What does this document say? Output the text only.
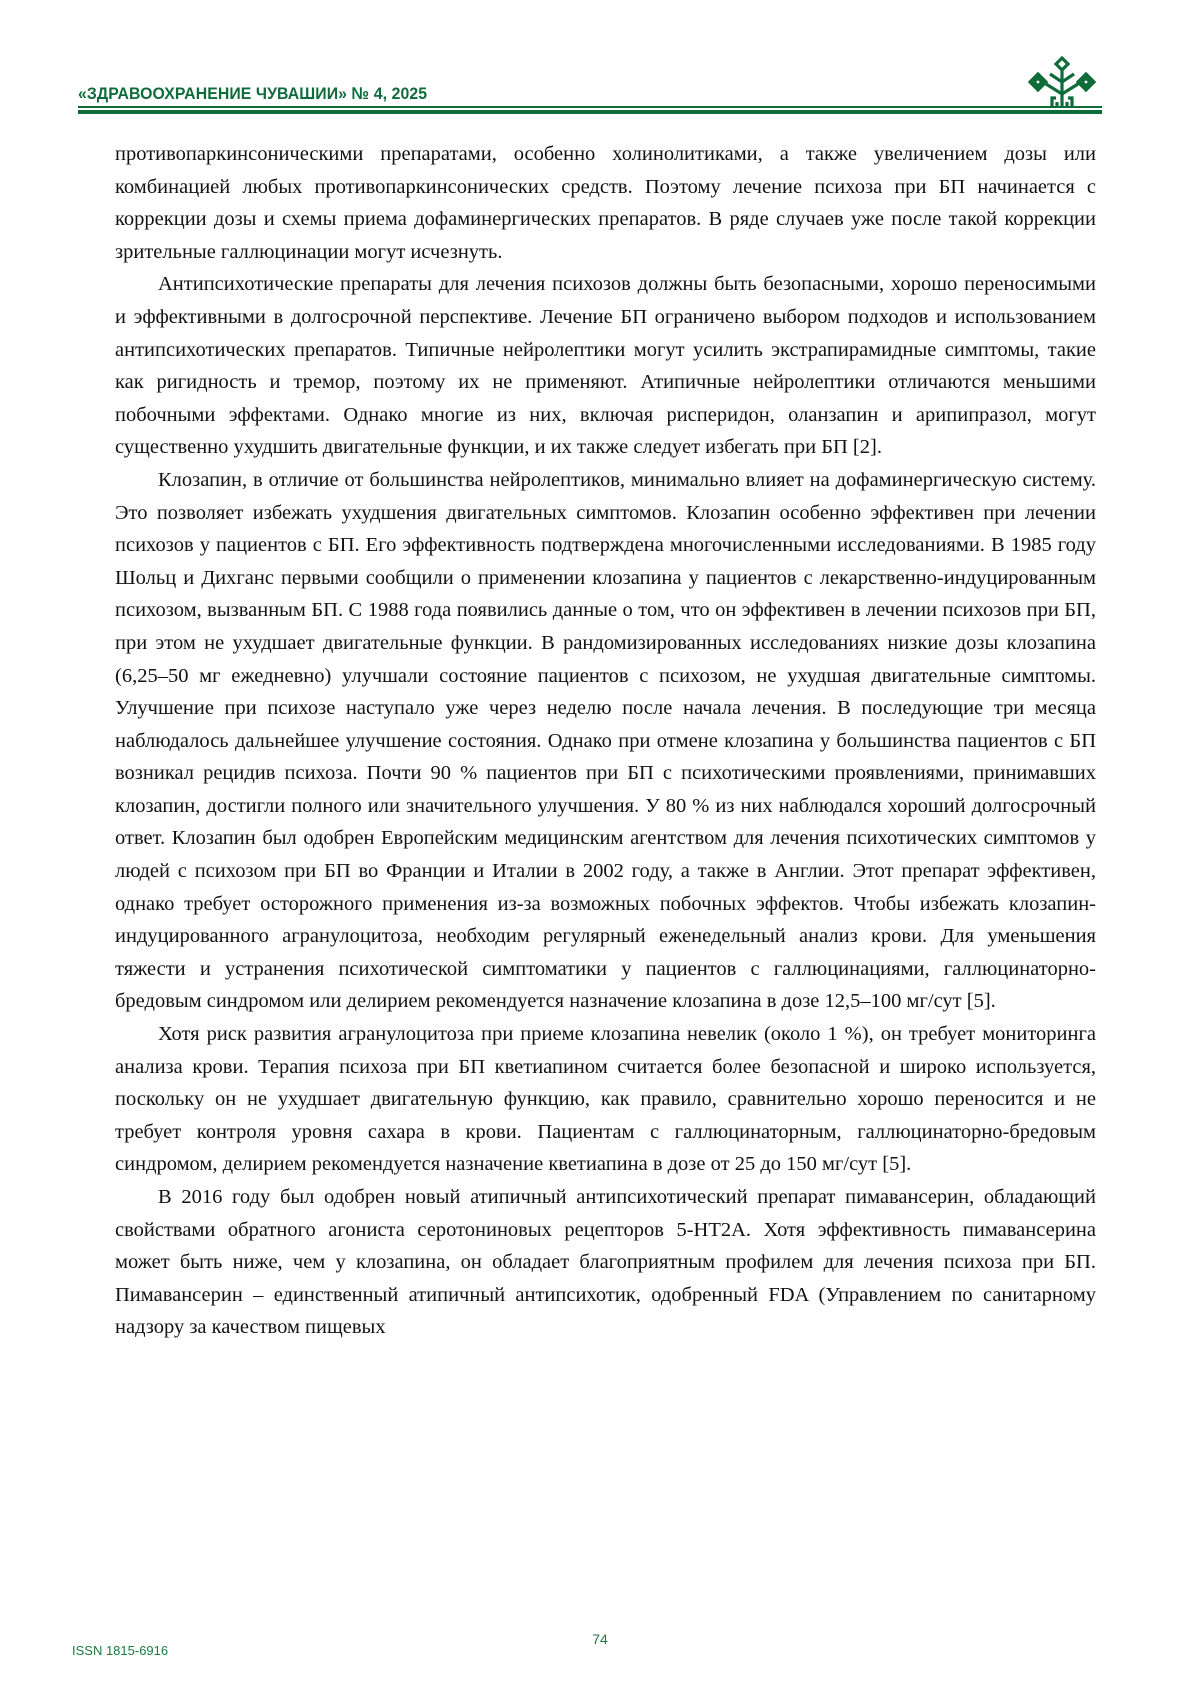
«ЗДРАВООХРАНЕНИЕ ЧУВАШИИ» № 4, 2025

противопаркинсоническими препаратами, особенно холинолитиками, а также увеличением дозы или комбинацией любых противопаркинсонических средств. Поэтому лечение психоза при БП начинается с коррекции дозы и схемы приема дофаминергических препаратов. В ряде случаев уже после такой коррекции зрительные галлюцинации могут исчезнуть.

Антипсихотические препараты для лечения психозов должны быть безопасными, хорошо переносимыми и эффективными в долгосрочной перспективе. Лечение БП ограничено выбором подходов и использованием антипсихотических препаратов. Типичные нейролептики могут усилить экстрапирамидные симптомы, такие как ригидность и тремор, поэтому их не применяют. Атипичные нейролептики отличаются меньшими побочными эффектами. Однако многие из них, включая рисперидон, оланзапин и арипипразол, могут существенно ухудшить двигательные функции, и их также следует избегать при БП [2].

Клозапин, в отличие от большинства нейролептиков, минимально влияет на дофаминергическую систему. Это позволяет избежать ухудшения двигательных симптомов. Клозапин особенно эффективен при лечении психозов у пациентов с БП. Его эффективность подтверждена многочисленными исследованиями. В 1985 году Шольц и Дихганс первыми сообщили о применении клозапина у пациентов с лекарственно-индуцированным психозом, вызванным БП. С 1988 года появились данные о том, что он эффективен в лечении психозов при БП, при этом не ухудшает двигательные функции. В рандомизированных исследованиях низкие дозы клозапина (6,25–50 мг ежедневно) улучшали состояние пациентов с психозом, не ухудшая двигательные симптомы. Улучшение при психозе наступало уже через неделю после начала лечения. В последующие три месяца наблюдалось дальнейшее улучшение состояния. Однако при отмене клозапина у большинства пациентов с БП возникал рецидив психоза. Почти 90 % пациентов при БП с психотическими проявлениями, принимавших клозапин, достигли полного или значительного улучшения. У 80 % из них наблюдался хороший долгосрочный ответ. Клозапин был одобрен Европейским медицинским агентством для лечения психотических симптомов у людей с психозом при БП во Франции и Италии в 2002 году, а также в Англии. Этот препарат эффективен, однако требует осторожного применения из-за возможных побочных эффектов. Чтобы избежать клозапин-индуцированного агранулоцитоза, необходим регулярный еженедельный анализ крови. Для уменьшения тяжести и устранения психотической симптоматики у пациентов с галлюцинациями, галлюцинаторно-бредовым синдромом или делирием рекомендуется назначение клозапина в дозе 12,5–100 мг/сут [5].

Хотя риск развития агранулоцитоза при приеме клозапина невелик (около 1 %), он требует мониторинга анализа крови. Терапия психоза при БП кветиапином считается более безопасной и широко используется, поскольку он не ухудшает двигательную функцию, как правило, сравнительно хорошо переносится и не требует контроля уровня сахара в крови. Пациентам с галлюцинаторным, галлюцинаторно-бредовым синдромом, делирием рекомендуется назначение кветиапина в дозе от 25 до 150 мг/сут [5].

В 2016 году был одобрен новый атипичный антипсихотический препарат пимавансерин, обладающий свойствами обратного агониста серотониновых рецепторов 5-HT2A. Хотя эффективность пимавансерина может быть ниже, чем у клозапина, он обладает благоприятным профилем для лечения психоза при БП. Пимавансерин – единственный атипичный антипсихотик, одобренный FDA (Управлением по санитарному надзору за качеством пищевых

ISSN 1815-6916
74
